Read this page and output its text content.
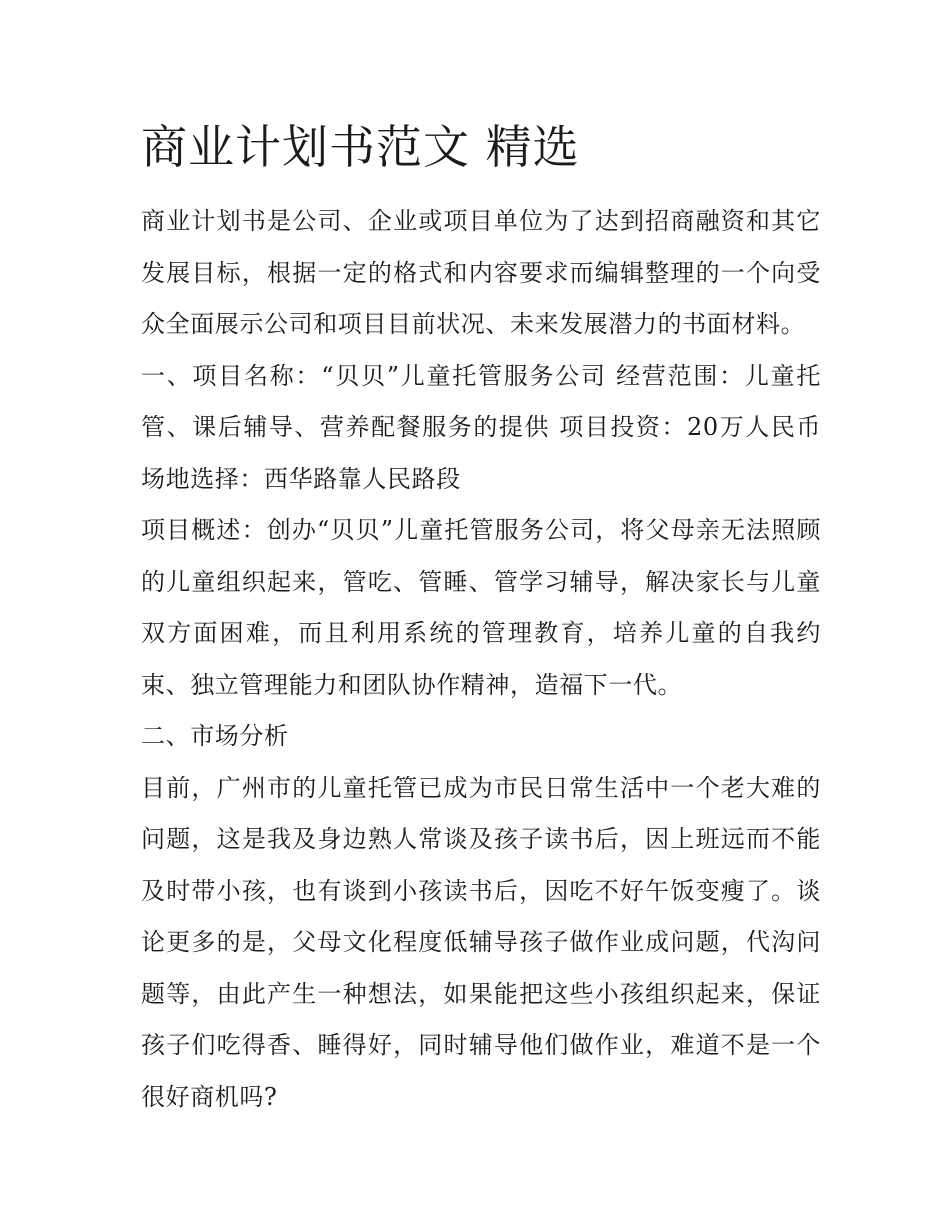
商业计划书范文 精选

商业计划书是公司、企业或项目单位为了达到招商融资和其它发展目标，根据一定的格式和内容要求而编辑整理的一个向受众全面展示公司和项目目前状况、未来发展潜力的书面材料。

一、项目名称：“贝贝”儿童托管服务公司 经营范围：儿童托管、课后辅导、营养配餐服务的提供 项目投资：20万人民币 场地选择：西华路靠人民路段

项目概述：创办“贝贝”儿童托管服务公司，将父母亲无法照顾的儿童组织起来，管吃、管睡、管学习辅导，解决家长与儿童双方面困难，而且利用系统的管理教育，培养儿童的自我约束、独立管理能力和团队协作精神，造福下一代。

二、市场分析

目前，广州市的儿童托管已成为市民日常生活中一个老大难的问题，这是我及身边熟人常谈及孩子读书后，因上班远而不能及时带小孩，也有谈到小孩读书后，因吃不好午饭变瘦了。谈论更多的是，父母文化程度低辅导孩子做作业成问题，代沟问题等，由此产生一种想法，如果能把这些小孩组织起来，保证孩子们吃得香、睡得好，同时辅导他们做作业，难道不是一个很好商机吗?
